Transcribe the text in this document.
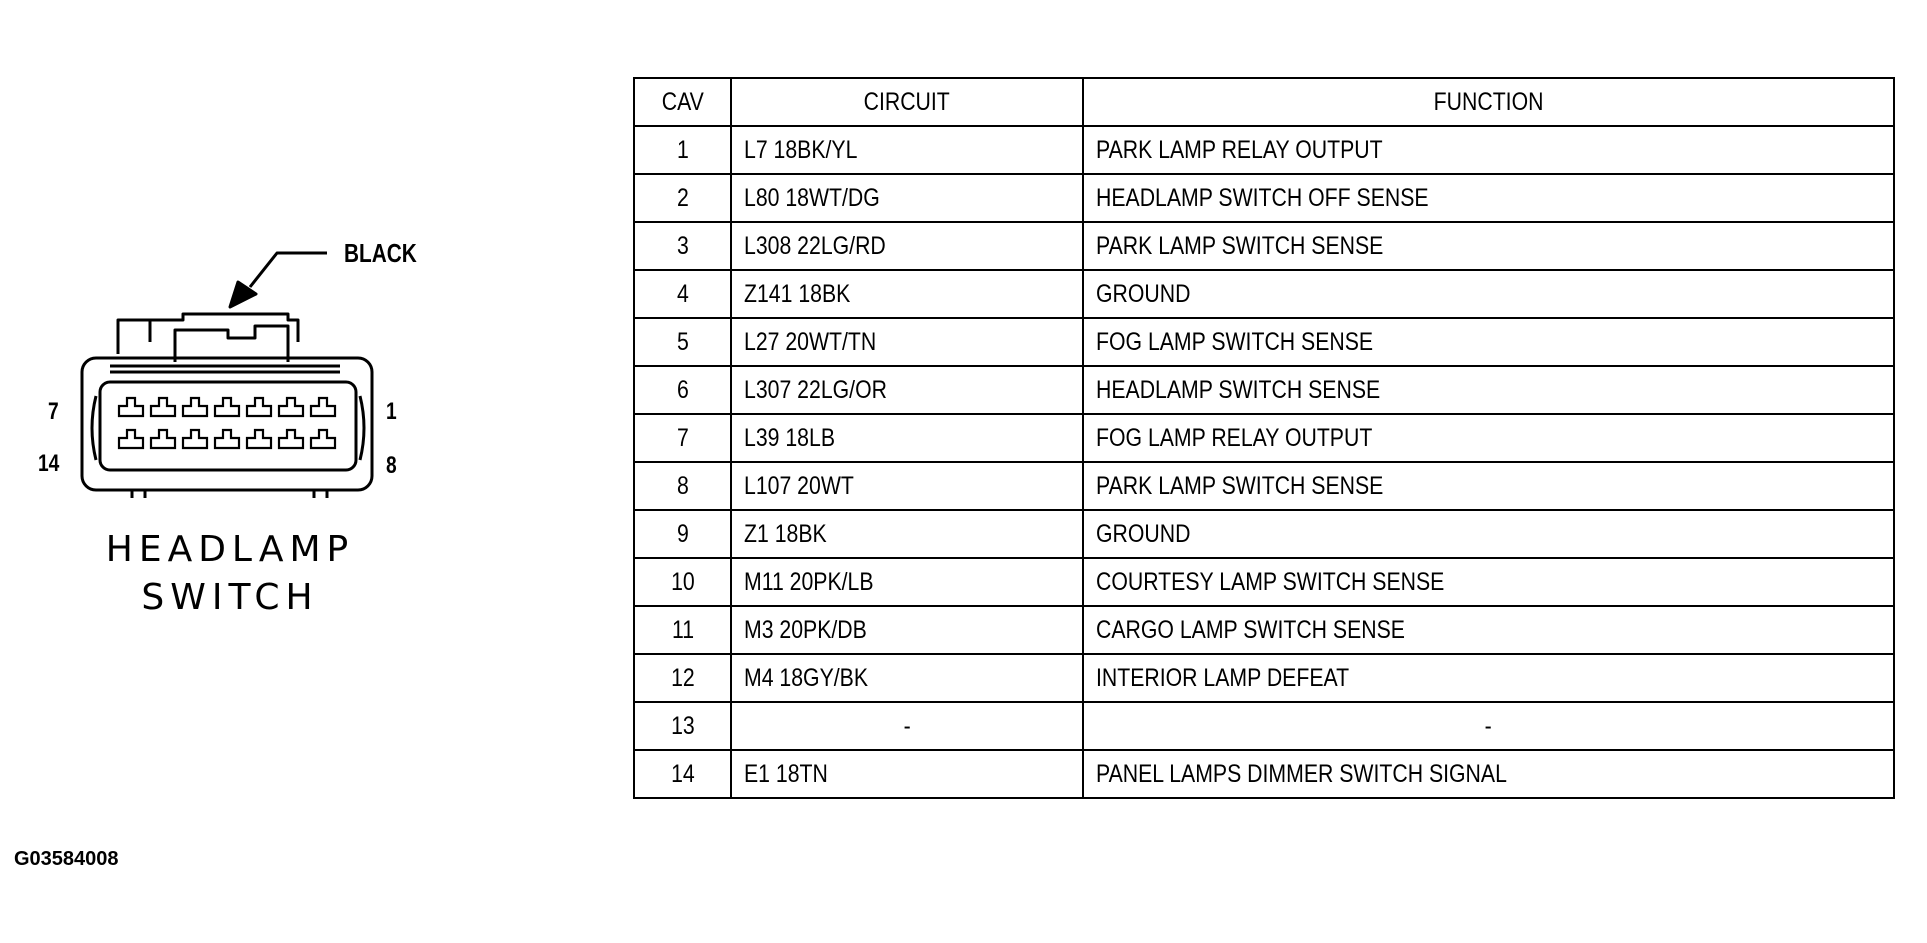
BLACK
7
14
1
8
HEADLAMP
SWITCH
CAV	CIRCUIT	FUNCTION
1	L7 18BK/YL	PARK LAMP RELAY OUTPUT
2	L80 18WT/DG	HEADLAMP SWITCH OFF SENSE
3	L308 22LG/RD	PARK LAMP SWITCH SENSE
4	Z141 18BK	GROUND
5	L27 20WT/TN	FOG LAMP SWITCH SENSE
6	L307 22LG/OR	HEADLAMP SWITCH SENSE
7	L39 18LB	FOG LAMP RELAY OUTPUT
8	L107 20WT	PARK LAMP SWITCH SENSE
9	Z1 18BK	GROUND
10	M11 20PK/LB	COURTESY LAMP SWITCH SENSE
11	M3 20PK/DB	CARGO LAMP SWITCH SENSE
12	M4 18GY/BK	INTERIOR LAMP DEFEAT
13	-	-
14	E1 18TN	PANEL LAMPS DIMMER SWITCH SIGNAL
G03584008
